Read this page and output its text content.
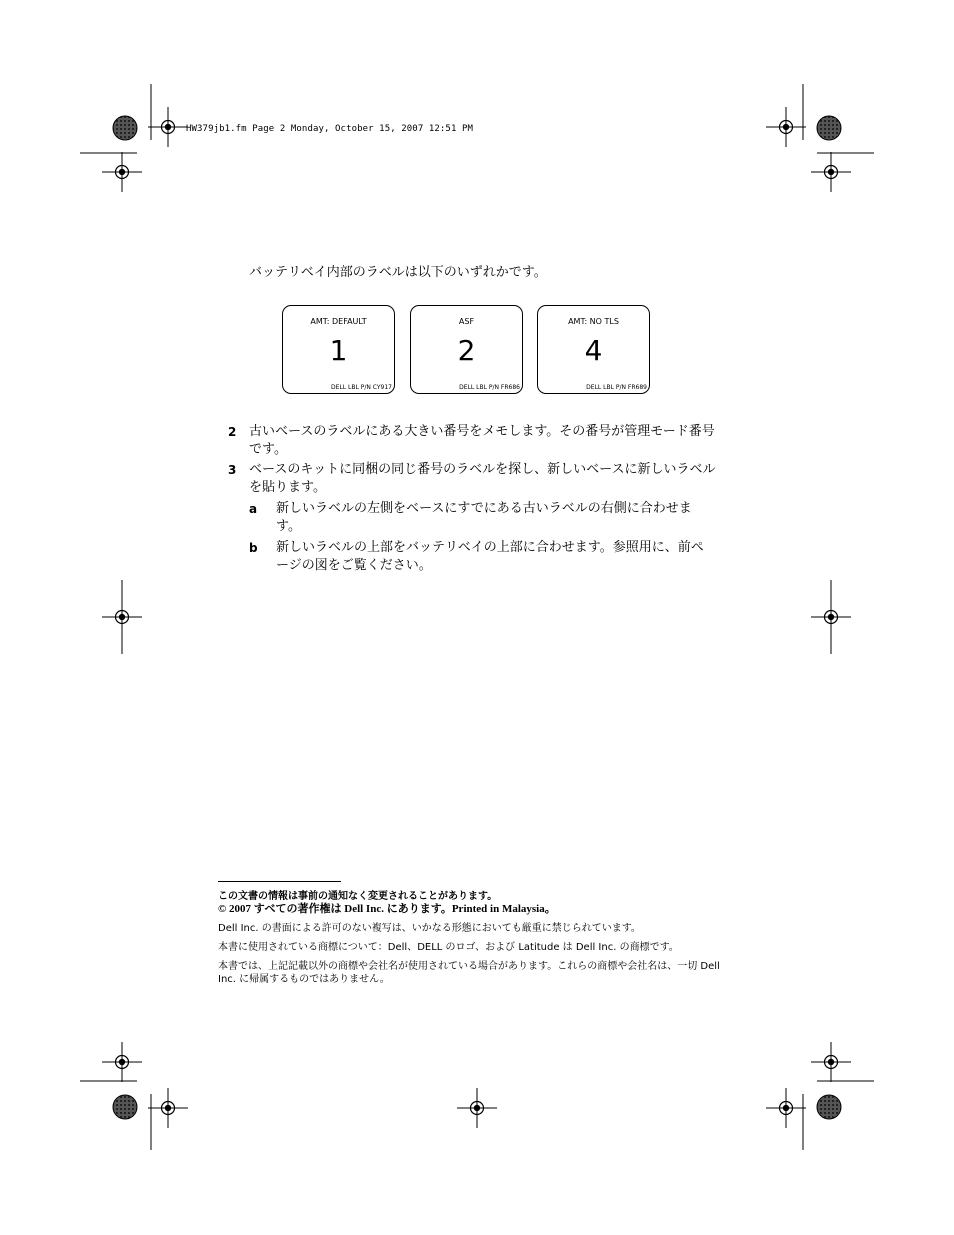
HW379jb1.fm Page 2 Monday, October 15, 2007 12:51 PM
バッテリベイ内部のラベルは以下のいずれかです。
AMT: DEFAULT
1
DELL LBL P/N CY917
ASF
2
DELL LBL P/N FR686
AMT: NO TLS
4
DELL LBL P/N FR689
2 古いベースのラベルにある大きい番号をメモします。その番号が管理モード番号です。
3 ベースのキットに同梱の同じ番号のラベルを探し、新しいベースに新しいラベルを貼ります。
a 新しいラベルの左側をベースにすでにある古いラベルの右側に合わせます。
b 新しいラベルの上部をバッテリベイの上部に合わせます。参照用に、前ページの図をご覧ください。
この文書の情報は事前の通知なく変更されることがあります。
© 2007 すべての著作権は Dell Inc. にあります。Printed in Malaysia。
Dell Inc. の書面による許可のない複写は、いかなる形態においても厳重に禁じられています。
本書に使用されている商標について：Dell、DELL のロゴ、および Latitude は Dell Inc. の商標です。
本書では、上記記載以外の商標や会社名が使用されている場合があります。これらの商標や会社名は、一切 Dell Inc. に帰属するものではありません。
